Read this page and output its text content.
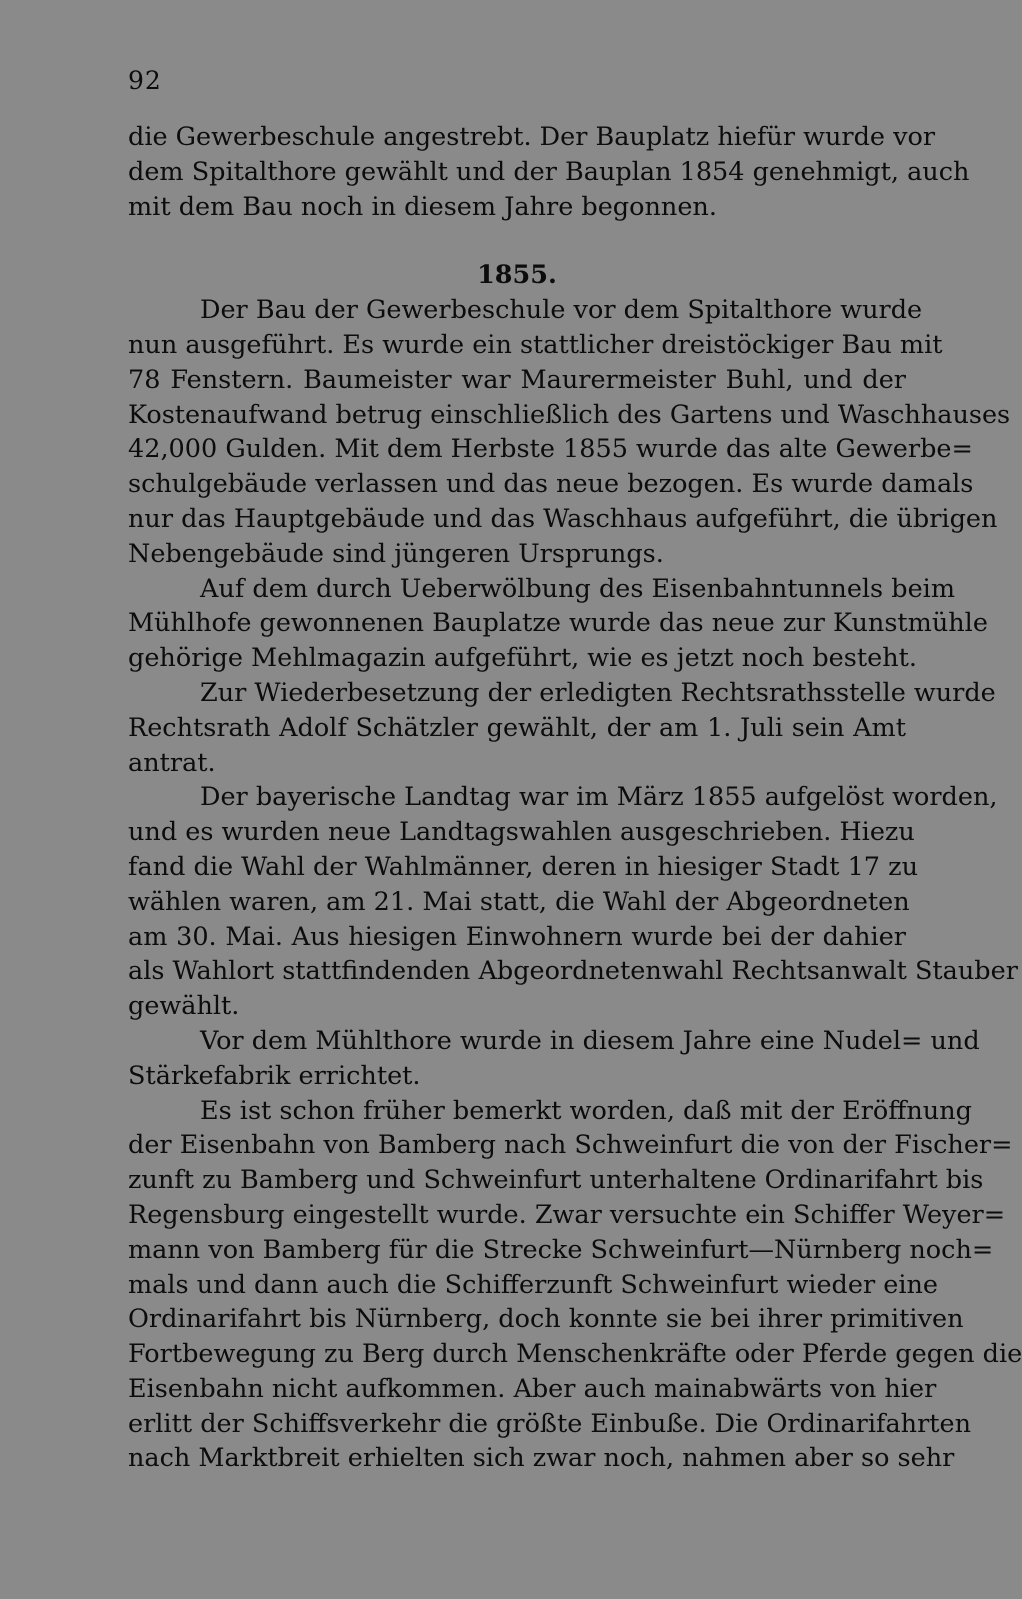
92
die Gewerbeschule angestrebt. Der Bauplatz hiefür wurde vor
dem Spitalthore gewählt und der Bauplan 1854 genehmigt, auch
mit dem Bau noch in diesem Jahre begonnen.
1855.
Der Bau der Gewerbeschule vor dem Spitalthore wurde
nun ausgeführt. Es wurde ein stattlicher dreistöckiger Bau mit
78 Fenstern. Baumeister war Maurermeister Buhl, und der
Kostenaufwand betrug einschließlich des Gartens und Waschhauses
42,000 Gulden. Mit dem Herbste 1855 wurde das alte Gewerbe=
schulgebäude verlassen und das neue bezogen. Es wurde damals
nur das Hauptgebäude und das Waschhaus aufgeführt, die übrigen
Nebengebäude sind jüngeren Ursprungs.
Auf dem durch Ueberwölbung des Eisenbahntunnels beim
Mühlhofe gewonnenen Bauplatze wurde das neue zur Kunstmühle
gehörige Mehlmagazin aufgeführt, wie es jetzt noch besteht.
Zur Wiederbesetzung der erledigten Rechtsrathsstelle wurde
Rechtsrath Adolf Schätzler gewählt, der am 1. Juli sein Amt
antrat.
Der bayerische Landtag war im März 1855 aufgelöst worden,
und es wurden neue Landtagswahlen ausgeschrieben. Hiezu
fand die Wahl der Wahlmänner, deren in hiesiger Stadt 17 zu
wählen waren, am 21. Mai statt, die Wahl der Abgeordneten
am 30. Mai. Aus hiesigen Einwohnern wurde bei der dahier
als Wahlort stattfindenden Abgeordnetenwahl Rechtsanwalt Stauber
gewählt.
Vor dem Mühlthore wurde in diesem Jahre eine Nudel= und
Stärkefabrik errichtet.
Es ist schon früher bemerkt worden, daß mit der Eröffnung
der Eisenbahn von Bamberg nach Schweinfurt die von der Fischer=
zunft zu Bamberg und Schweinfurt unterhaltene Ordinarifahrt bis
Regensburg eingestellt wurde. Zwar versuchte ein Schiffer Weyer=
mann von Bamberg für die Strecke Schweinfurt—Nürnberg noch=
mals und dann auch die Schifferzunft Schweinfurt wieder eine
Ordinarifahrt bis Nürnberg, doch konnte sie bei ihrer primitiven
Fortbewegung zu Berg durch Menschenkräfte oder Pferde gegen die
Eisenbahn nicht aufkommen. Aber auch mainabwärts von hier
erlitt der Schiffsverkehr die größte Einbuße. Die Ordinarifahrten
nach Marktbreit erhielten sich zwar noch, nahmen aber so sehr
